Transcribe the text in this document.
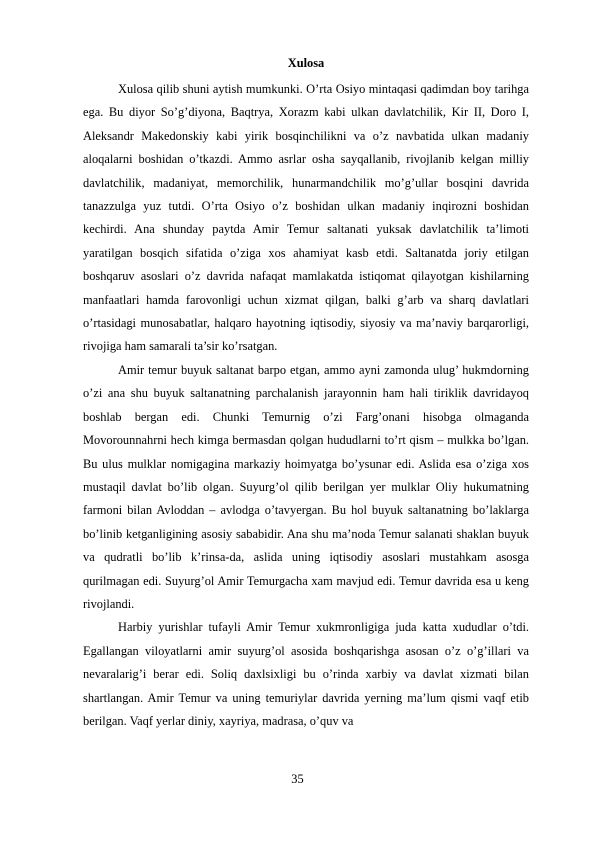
Xulosa

Xulosa qilib shuni aytish mumkunki. O’rta Osiyo mintaqasi qadimdan boy tarihga ega. Bu diyor So’g’diyona, Baqtrya, Xorazm kabi ulkan davlatchilik, Kir II, Doro I, Aleksandr Makedonskiy kabi yirik bosqinchilikni va o’z navbatida ulkan madaniy aloqalarni boshidan o’tkazdi. Ammo asrlar osha sayqallanib, rivojlanib kelgan milliy davlatchilik, madaniyat, memorchilik, hunarmandchilik mo’g’ullar bosqini davrida tanazzulga yuz tutdi. O’rta Osiyo o’z boshidan ulkan madaniy inqirozni boshidan kechirdi. Ana shunday paytda Amir Temur saltanati yuksak davlatchilik ta’limoti yaratilgan bosqich sifatida o’ziga xos ahamiyat kasb etdi. Saltanatda joriy etilgan boshqaruv asoslari o’z davrida nafaqat mamlakatda istiqomat qilayotgan kishilarning manfaatlari hamda farovonligi uchun xizmat qilgan, balki g’arb va sharq davlatlari o’rtasidagi munosabatlar, halqaro hayotning iqtisodiy, siyosiy va ma’naviy barqarorligi, rivojiga ham samarali ta’sir ko’rsatgan.

Amir temur buyuk saltanat barpo etgan, ammo ayni zamonda ulug’ hukmdorning o’zi ana shu buyuk saltanatning parchalanish jarayonnin ham hali tiriklik davridayoq boshlab bergan edi. Chunki Temurnig o’zi Farg’onani hisobga olmaganda Movorounnahrni hech kimga bermasdan qolgan hududlarni to’rt qism – mulkka bo’lgan. Bu ulus mulklar nomigagina markaziy hoimyatga bo’ysunar edi. Aslida esa o’ziga xos mustaqil davlat bo’lib olgan. Suyurg’ol qilib berilgan yer mulklar Oliy hukumatning farmoni bilan Avloddan – avlodga o’tavyergan. Bu hol buyuk saltanatning bo’laklarga bo’linib ketganligining asosiy sababidir. Ana shu ma’noda Temur salanati shaklan buyuk va qudratli bo’lib k’rinsa-da, aslida uning iqtisodiy asoslari mustahkam asosga qurilmagan edi. Suyurg’ol Amir Temurgacha xam mavjud edi. Temur davrida esa u keng rivojlandi.

Harbiy yurishlar tufayli Amir Temur xukmronligiga juda katta xududlar o’tdi. Egallangan viloyatlarni amir suyurg’ol asosida boshqarishga asosan o’z o’g’illari va nevaralarig’i berar edi. Soliq daxlsixligi bu o’rinda xarbiy va davlat xizmati bilan shartlangan. Amir Temur va uning temuriylar davrida yerning ma’lum qismi vaqf etib berilgan. Vaqf yerlar diniy, xayriya, madrasa, o’quv va

35
